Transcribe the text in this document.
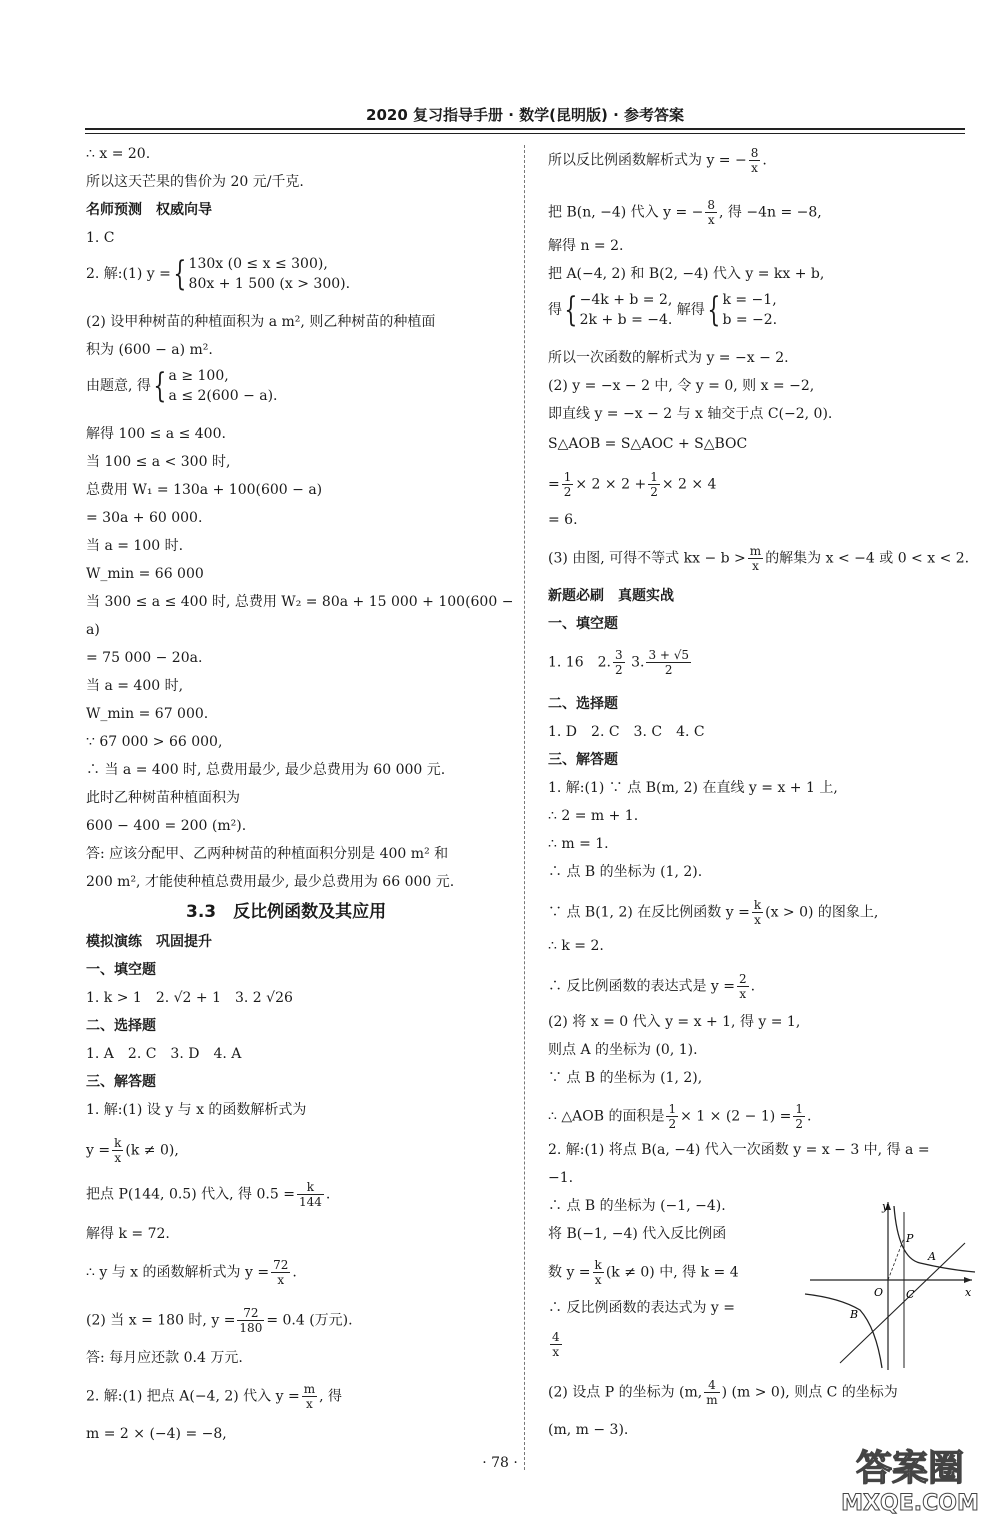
2020 复习指导手册 · 数学(昆明版) · 参考答案
∴ x = 20.
所以这天芒果的售价为 20 元/千克.
名师预测　权威向导
1. C
2. 解:(1) y ={ 130x (0 ≤ x ≤ 300),
80x + 1 500 (x > 300).
(2) 设甲种树苗的种植面积为 a m², 则乙种树苗的种植面
积为 (600 − a) m².
由题意, 得{ a ≥ 100,
a ≤ 2(600 − a).
解得 100 ≤ a ≤ 400.
当 100 ≤ a < 300 时,
总费用 W₁ = 130a + 100(600 − a)
= 30a + 60 000.
当 a = 100 时.
W_min = 66 000
当 300 ≤ a ≤ 400 时, 总费用 W₂ = 80a + 15 000 + 100(600 −
a)
= 75 000 − 20a.
当 a = 400 时,
W_min = 67 000.
∵ 67 000 > 66 000,
∴ 当 a = 400 时, 总费用最少, 最少总费用为 60 000 元.
此时乙种树苗种植面积为
600 − 400 = 200 (m²).
答: 应该分配甲、乙两种树苗的种植面积分别是 400 m² 和
200 m², 才能使种植总费用最少, 最少总费用为 66 000 元.
3.3　反比例函数及其应用
模拟演练　巩固提升
一、填空题
1. k > 1　2. √2 + 1　3. 2 √26
二、选择题
1. A　2. C　3. D　4. A
三、解答题
1. 解:(1) 设 y 与 x 的函数解析式为
$y = \frac{k}{x} (k \ne 0)$,
把点 P(144, 0.5) 代入, 得 $0.5 = \frac{k}{144}$ .
解得 k = 72.
∴ y 与 x 的函数解析式为 $y = \frac{72}{x}$ .
(2) 当 x = 180 时, $y = \frac{72}{180} = 0.4$ (万元).
答: 每月应还款 0.4 万元.
2. 解:(1) 把点 A(−4, 2) 代入 $y = \frac{m}{x}$ , 得
m = 2 × (−4) = −8,
所以反比例函数解析式为 y = − $\frac{8}{x}$ .
把 B(n, −4) 代入 y = − $\frac{8}{x}$ , 得 −4n = −8,
解得 n = 2.
把 A(−4, 2) 和 B(2, −4) 代入 y = kx + b,
得{ −4k + b = 2,
2k + b = −4.
解得{ k = −1,
b = −2.
所以一次函数的解析式为 y = −x − 2.
(2) y = −x − 2 中, 令 y = 0, 则 x = −2,
即直线 y = −x − 2 与 x 轴交于点 C(−2, 0).
S△AOB = S△AOC + S△BOC
= $\frac{1}{2} \times 2 \times 2 + \frac{1}{2} \times 2 \times 4$
= 6.
(3) 由图, 可得不等式 kx − $b > \frac{m}{x}$ 的解集为 x < −4 或 0 < x < 2.
新题必刷　真题实战
一、填空题
1. 16　2. $\frac{3}{2} 3$. $\frac{3 + √5}{2}$
二、选择题
1. D　2. C　3. C　4. C
三、解答题
1. 解:(1) ∵ 点 B(m, 2) 在直线 y = x + 1 上,
∴ 2 = m + 1.
∴ m = 1.
∴ 点 B 的坐标为 (1, 2).
∵ 点 B(1, 2) 在反比例函数 $y = \frac{k}{x} (x > 0)$ 的图象上,
∴ k = 2.
∴ 反比例函数的表达式是 $y = \frac{2}{x}$ .
(2) 将 x = 0 代入 y = x + 1, 得 y = 1,
则点 A 的坐标为 (0, 1).
∵ 点 B 的坐标为 (1, 2),
∴ △AOB 的面积是 $\frac{1}{2} \times 1 \times (2 - 1) = \frac{1}{2}$ .
2. 解:(1) 将点 B(a, −4) 代入一次函数 y = x − 3 中, 得 a =
−1.
∴ 点 B 的坐标为 (−1, −4).
将 B(−1, −4) 代入反比例函
数 $y = \frac{k}{x} (k \ne 0)$ 中, 得 k = 4
∴ 反比例函数的表达式为 y =
$\frac{4}{x}$
(2) 设点 P 的坐标为 (m, $\frac{4}{m}$ ) (m > 0), 则点 C 的坐标为
(m, m − 3).
y
x
O
P
A
B
C
· 78 ·	答案圈
MXQE.COM
